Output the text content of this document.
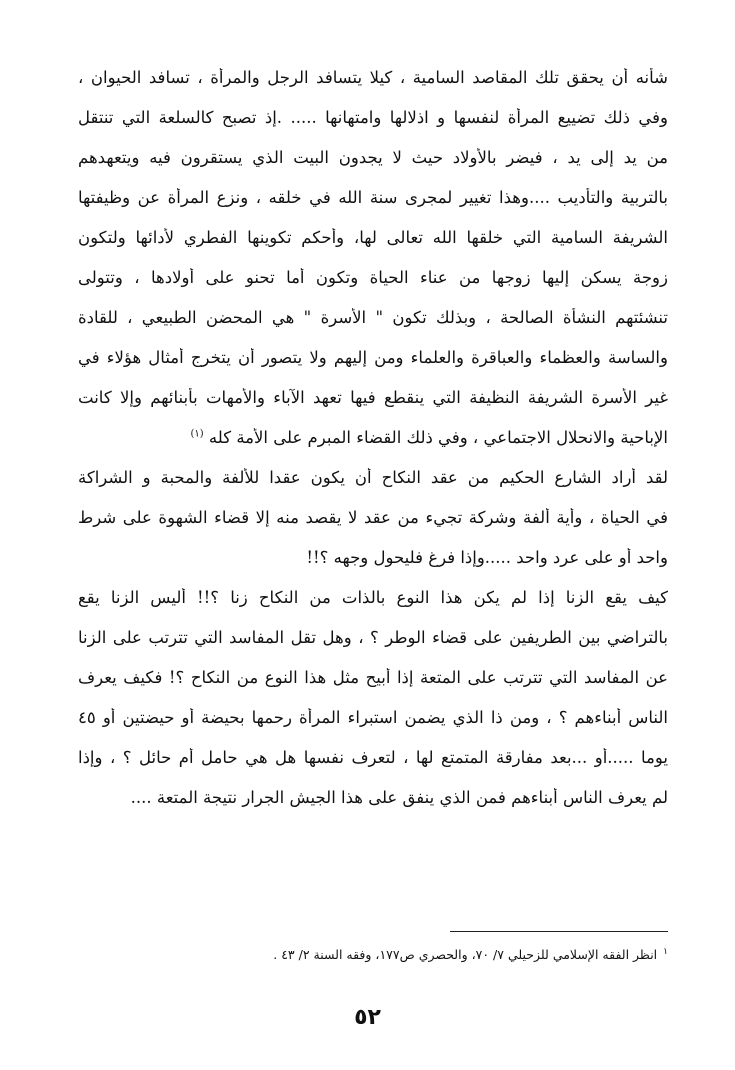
شأنه أن يحقق تلك المقاصد السامية ، كيلا يتسافد الرجل والمرأة ، تسافد الحيوان ،
وفي ذلك تضييع المرأة لنفسها و اذلالها وامتهانها ..... .إذ تصبح كالسلعة التي تنتقل
من يد إلى يد ، فيضر بالأولاد حيث لا يجدون البيت الذي يستقرون فيه ويتعهدهم
بالتربية والتأديب ....وهذا تغيير لمجرى سنة الله في خلقه ، ونزع المرأة عن وظيفتها
الشريفة السامية التي خلقها الله تعالى لها، وأحكم تكوينها الفطري لأدائها ولتكون
زوجة يسكن إليها زوجها من عناء الحياة وتكون أما تحنو على أولادها ، وتتولى
تنشئتهم النشأة الصالحة ، وبذلك تكون " الأسرة " هي المحضن الطبيعي ، للقادة
والساسة والعظماء والعباقرة والعلماء ومن إليهم ولا يتصور أن يتخرج أمثال هؤلاء في
غير الأسرة الشريفة النظيفة التي ينقطع فيها تعهد الآباء والأمهات بأبنائهم وإلا كانت
الإباحية والانحلال الاجتماعي ، وفي ذلك القضاء المبرم على الأمة كله $^{(١)}$
لقد أراد الشارع الحكيم من عقد النكاح أن يكون عقدا للألفة والمحبة و الشراكة
في الحياة ، وأية ألفة وشركة تجيء من عقد لا يقصد منه إلا قضاء الشهوة على شرط
واحد أو على عرد واحد .....وإذا فرغ فليحول وجهه ؟!!
كيف يقع الزنا إذا لم يكن هذا النوع بالذات من النكاح زنا ؟!! أليس الزنا يقع
بالتراضي بين الطريفين على قضاء الوطر ؟ ، وهل تقل المفاسد التي تترتب على الزنا
عن المفاسد التي تترتب على المتعة إذا أبيح مثل هذا النوع من النكاح ؟! فكيف يعرف
الناس أبناءهم ؟ ، ومن ذا الذي يضمن استبراء المرأة رحمها بحيضة أو حيضتين أو ٤٥
يوما .....أو ...بعد مفارقة المتمتع لها ، لتعرف نفسها هل هي حامل أم حائل ؟ ، وإذا
لم يعرف الناس أبناءهم فمن الذي ينفق على هذا الجيش الجرار نتيجة المتعة ....
$^١$انظر الفقه الإسلامي للزحيلي ٧/ ٧٠، والحصري ص١٧٧، وفقه السنة ٢/ ٤٣ .
٥٢
